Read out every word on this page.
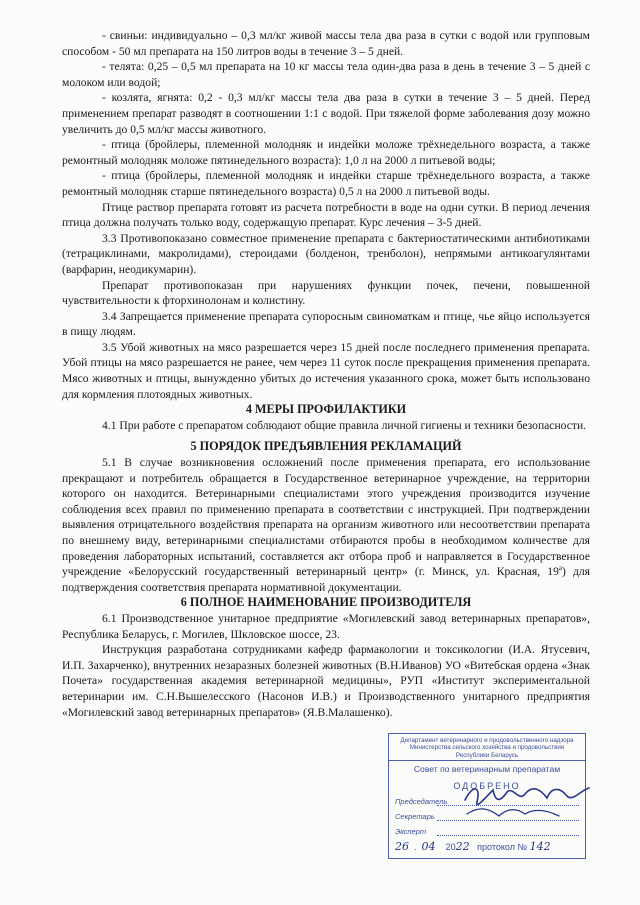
- свиньи: индивидуально – 0,3 мл/кг живой массы тела два раза в сутки с водой или групповым способом - 50 мл препарата на 150 литров воды в течение 3 – 5 дней.

- телята: 0,25 – 0,5 мл препарата на 10 кг массы тела один-два раза в день в течение 3 – 5 дней с молоком или водой;

- козлята, ягнята: 0,2 - 0,3 мл/кг массы тела два раза в сутки в течение 3 – 5 дней. Перед применением препарат разводят в соотношении 1:1 с водой. При тяжелой форме заболевания дозу можно увеличить до 0,5 мл/кг массы животного.

- птица (бройлеры, племенной молодняк и индейки моложе трёхнедельного возраста, а также ремонтный молодняк моложе пятинедельного возраста): 1,0 л на 2000 л питьевой воды;

- птица (бройлеры, племенной молодняк и индейки старше трёхнедельного возраста, а также ремонтный молодняк старше пятинедельного возраста) 0,5 л на 2000 л питьевой воды.

Птице раствор препарата готовят из расчета потребности в воде на одни сутки. В период лечения птица должна получать только воду, содержащую препарат. Курс лечения – 3-5 дней.

3.3 Противопоказано совместное применение препарата с бактериостатическими антибиотиками (тетрациклинами, макролидами), стероидами (болденон, тренболон), непрямыми антикоагулянтами (варфарин, неодикумарин).

Препарат противопоказан при нарушениях функции почек, печени, повышенной чувствительности к фторхинолонам и колистину.

3.4 Запрещается применение препарата супоросным свиноматкам и птице, чье яйцо используется в пищу людям.

3.5 Убой животных на мясо разрешается через 15 дней после последнего применения препарата. Убой птицы на мясо разрешается не ранее, чем через 11 суток после прекращения применения препарата. Мясо животных и птицы, вынужденно убитых до истечения указанного срока, может быть использовано для кормления плотоядных животных.

4 МЕРЫ ПРОФИЛАКТИКИ

4.1 При работе с препаратом соблюдают общие правила личной гигиены и техники безопасности.

5 ПОРЯДОК ПРЕДЪЯВЛЕНИЯ РЕКЛАМАЦИЙ

5.1 В случае возникновения осложнений после применения препарата, его использование прекращают и потребитель обращается в Государственное ветеринарное учреждение, на территории которого он находится. Ветеринарными специалистами этого учреждения производится изучение соблюдения всех правил по применению препарата в соответствии с инструкцией. При подтверждении выявления отрицательного воздействия препарата на организм животного или несоответствии препарата по внешнему виду, ветеринарными специалистами отбираются пробы в необходимом количестве для проведения лабораторных испытаний, составляется акт отбора проб и направляется в Государственное учреждение «Белорусский государственный ветеринарный центр» (г. Минск, ул. Красная, $19^а$) для подтверждения соответствия препарата нормативной документации.

6 ПОЛНОЕ НАИМЕНОВАНИЕ ПРОИЗВОДИТЕЛЯ

6.1 Производственное унитарное предприятие «Могилевский завод ветеринарных препаратов», Республика Беларусь, г. Могилев, Шкловское шоссе, 23.

Инструкция разработана сотрудниками кафедр фармакологии и токсикологии (И.А. Ятусевич, И.П. Захарченко), внутренних незаразных болезней животных (В.Н.Иванов) УО «Витебская ордена «Знак Почета» государственная академия ветеринарной медицины», РУП «Институт экспериментальной ветеринарии им. С.Н.Вышелесского (Насонов И.В.) и Производственного унитарного предприятия «Могилевский завод ветеринарных препаратов» (Я.В.Малашенко).

Департамент ветеринарного и продовольственного надзора Министерства сельского хозяйства и продовольствия Республики Беларусь
Совет по ветеринарным препаратам
ОДОБРЕНО
Председатель
Секретарь
Эксперт
26  .  04 2022 протокол № 142
